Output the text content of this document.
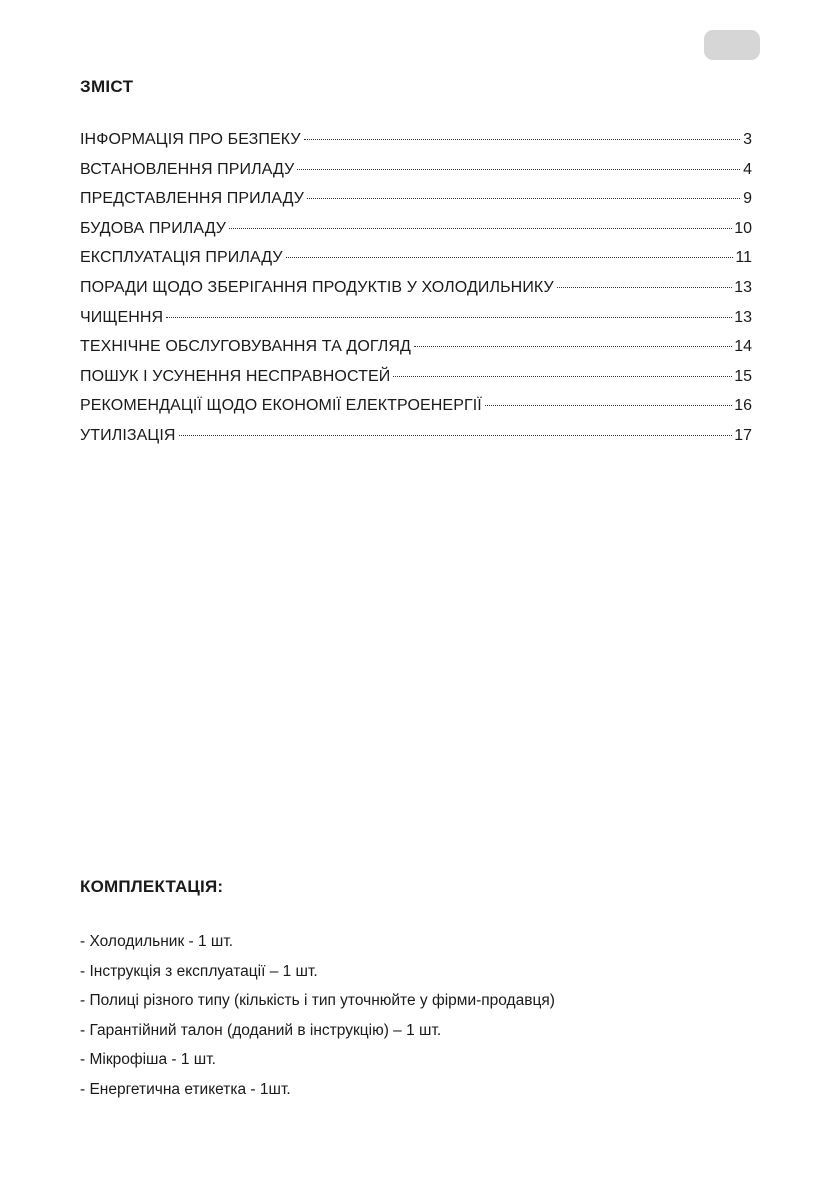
ЗМІСТ
ІНФОРМАЦІЯ ПРО БЕЗПЕКУ	3
ВСТАНОВЛЕННЯ ПРИЛАДУ	4
ПРЕДСТАВЛЕННЯ ПРИЛАДУ	9
БУДОВА ПРИЛАДУ	10
ЕКСПЛУАТАЦІЯ ПРИЛАДУ	11
ПОРАДИ ЩОДО ЗБЕРІГАННЯ ПРОДУКТІВ У ХОЛОДИЛЬНИКУ	13
ЧИЩЕННЯ	13
ТЕХНІЧНЕ ОБСЛУГОВУВАННЯ ТА ДОГЛЯД	14
ПОШУК І УСУНЕННЯ НЕСПРАВНОСТЕЙ	15
РЕКОМЕНДАЦІЇ ЩОДО ЕКОНОМІЇ ЕЛЕКТРОЕНЕРГІЇ	16
УТИЛІЗАЦІЯ	17
КОМПЛЕКТАЦІЯ:
- Холодильник - 1 шт.
- Інструкція з експлуатації – 1 шт.
- Полиці різного типу (кількість і тип уточнюйте у фірми-продавця)
- Гарантійний талон (доданий в інструкцію) – 1 шт.
- Мікрофіша - 1 шт.
- Енергетична етикетка - 1шт.
